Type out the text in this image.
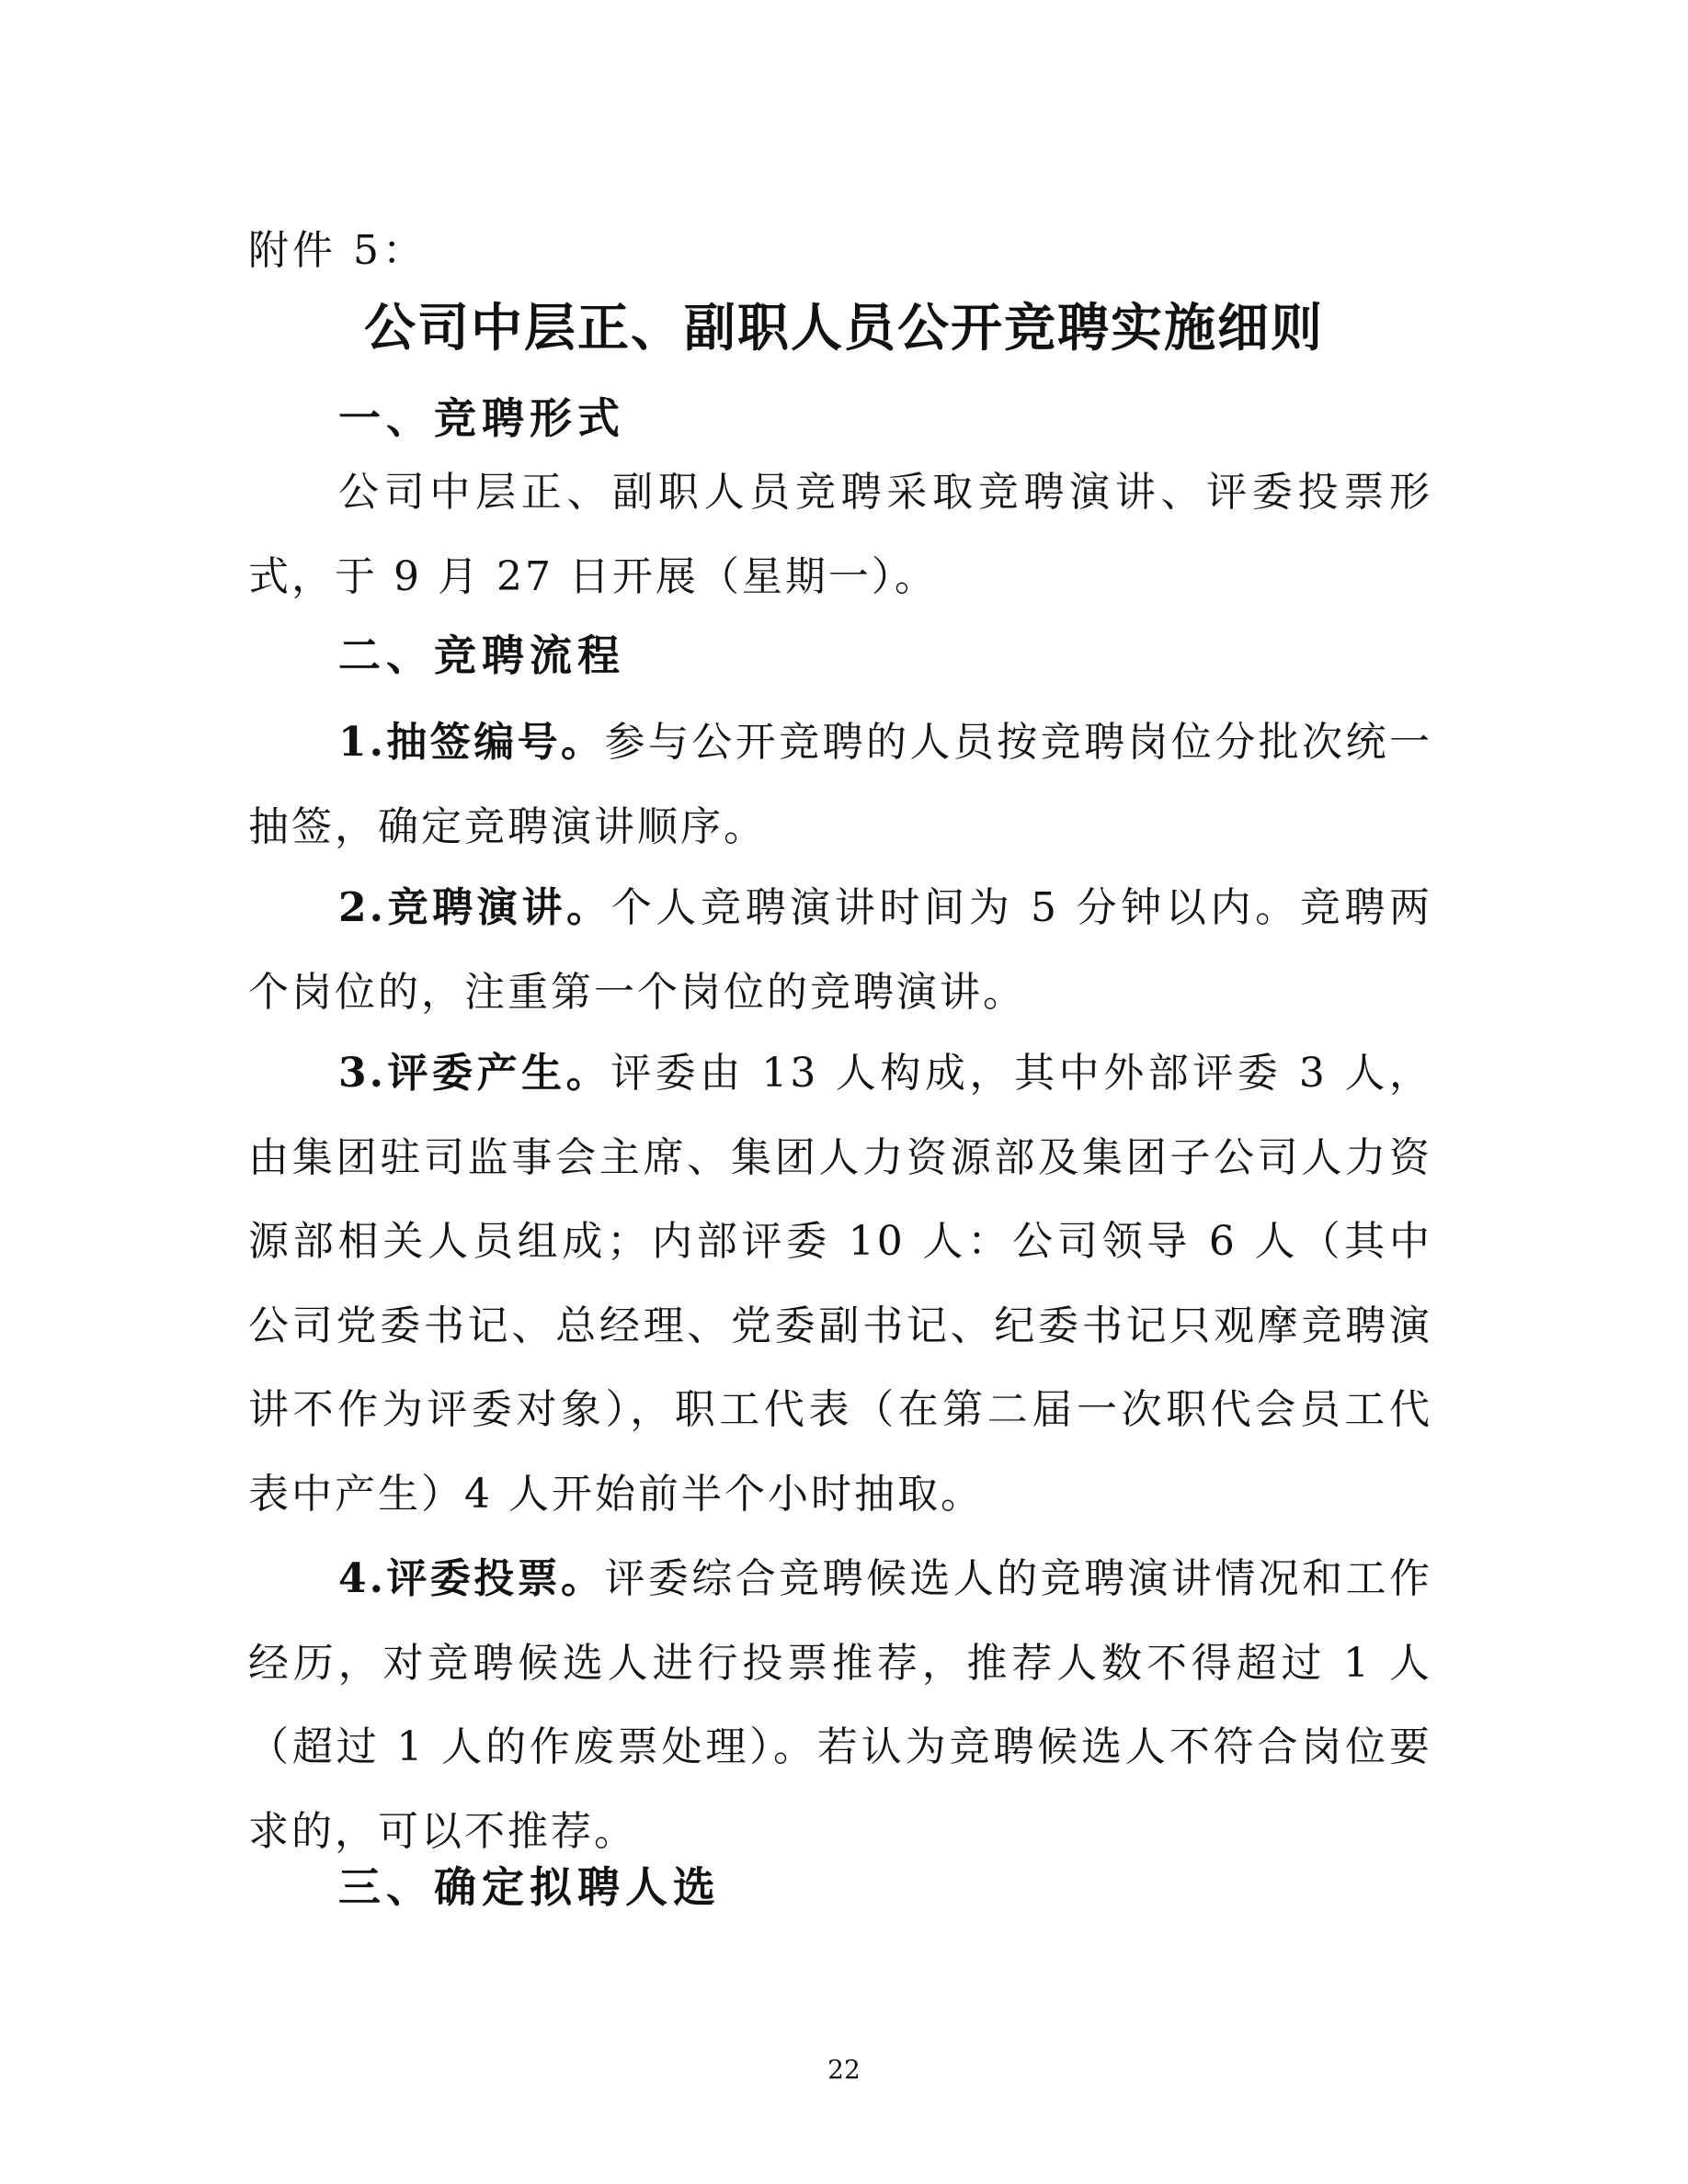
附件 5：
公司中层正、副职人员公开竞聘实施细则
一、竞聘形式
公司中层正、副职人员竞聘采取竞聘演讲、评委投票形式，于 9 月 27 日开展（星期一）。
二、竞聘流程
1.抽签编号。参与公开竞聘的人员按竞聘岗位分批次统一抽签，确定竞聘演讲顺序。
2.竞聘演讲。个人竞聘演讲时间为 5 分钟以内。竞聘两个岗位的，注重第一个岗位的竞聘演讲。
3.评委产生。评委由 13 人构成，其中外部评委 3 人，由集团驻司监事会主席、集团人力资源部及集团子公司人力资源部相关人员组成；内部评委 10 人：公司领导 6 人（其中公司党委书记、总经理、党委副书记、纪委书记只观摩竞聘演讲不作为评委对象），职工代表（在第二届一次职代会员工代表中产生）4 人开始前半个小时抽取。
4.评委投票。评委综合竞聘候选人的竞聘演讲情况和工作经历，对竞聘候选人进行投票推荐，推荐人数不得超过 1 人（超过 1 人的作废票处理）。若认为竞聘候选人不符合岗位要求的，可以不推荐。
三、确定拟聘人选
22
